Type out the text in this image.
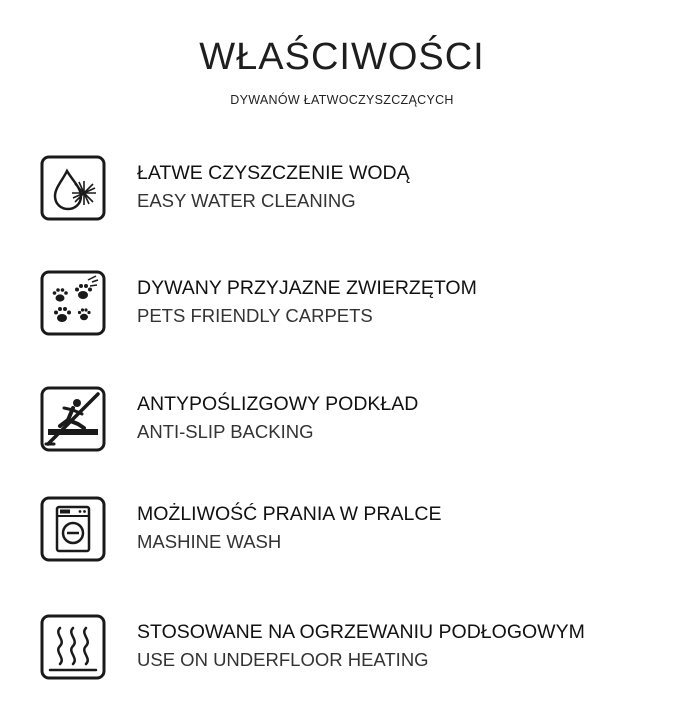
WŁAŚCIWOŚCI
DYWANÓW ŁATWOCZYSZCZĄCYCH
ŁATWE CZYSZCZENIE WODĄ
EASY WATER CLEANING
DYWANY PRZYJAZNE ZWIERZĘTOM
PETS FRIENDLY CARPETS
ANTYPOŚLIZGOWY PODKŁAD
ANTI-SLIP BACKING
MOŻLIWOŚĆ PRANIA W PRALCE
MASHINE WASH
STOSOWANE NA OGRZEWANIU PODŁOGOWYM
USE ON UNDERFLOOR HEATING
